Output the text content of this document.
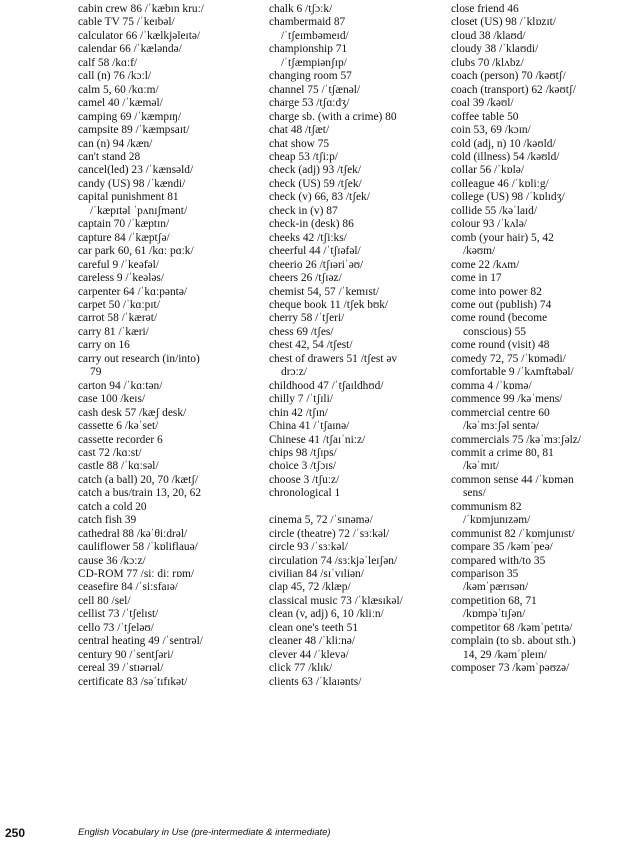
cabin crew 86 /ˈkæbɪn kruː/
cable TV 75 /ˈkeɪbəl/
calculator 66 /ˈkælkjəleɪtə/
calendar 66 /ˈkæləndə/
calf 58 /kɑːf/
call (n) 76 /kɔːl/
calm 5, 60 /kɑːm/
camel 40 /ˈkæməl/
camping 69 /ˈkæmpɪŋ/
campsite 89 /ˈkæmpsaɪt/
can (n) 94 /kæn/
can't stand 28
cancel(led) 23 /ˈkænsəld/
candy (US) 98 /ˈkændi/
capital punishment 81
/ˈkæpɪtəl ˈpʌnɪʃmənt/
captain 70 /ˈkæptɪn/
capture 84 /ˈkæptʃə/
car park 60, 61 /kɑː pɑːk/
careful 9 /ˈkeəfəl/
careless 9 /ˈkeələs/
carpenter 64 /ˈkɑːpəntə/
carpet 50 /ˈkɑːpɪt/
carrot 58 /ˈkærət/
carry 81 /ˈkæri/
carry on 16
carry out research (in/into)
79
carton 94 /ˈkɑːtən/
case 100 /keɪs/
cash desk 57 /kæʃ desk/
cassette 6 /kəˈset/
cassette recorder 6
cast 72 /kɑːst/
castle 88 /ˈkɑːsəl/
catch (a ball) 20, 70 /kætʃ/
catch a bus/train 13, 20, 62
catch a cold 20
catch fish 39
cathedral 88 /kəˈθiːdrəl/
cauliflower 58 /ˈkɒliflauə/
cause 36 /kɔːz/
CD-ROM 77 /siː diː rɒm/
ceasefire 84 /ˈsiːsfaɪə/
cell 80 /sel/
cellist 73 /ˈtʃelɪst/
cello 73 /ˈtʃeləʊ/
central heating 49 /ˈsentrəl/
century 90 /ˈsentʃəri/
cereal 39 /ˈstɪərɪəl/
certificate 83 /səˈtɪfɪkət/
chalk 6 /tʃɔːk/
chambermaid 87
/ˈtʃeɪmbəmeɪd/
championship 71
/ˈtʃæmpiənʃɪp/
changing room 57
channel 75 /ˈtʃænəl/
charge 53 /tʃɑːdʒ/
charge sb. (with a crime) 80
chat 48 /tʃæt/
chat show 75
cheap 53 /tʃiːp/
check (adj) 93 /tʃek/
check (US) 59 /tʃek/
check (v) 66, 83 /tʃek/
check in (v) 87
check-in (desk) 86
cheeks 42 /tʃiːks/
cheerful 44 /ˈtʃɪəfəl/
cheerio 26 /tʃɪəriˈəʊ/
cheers 26 /tʃɪəz/
chemist 54, 57 /ˈkemɪst/
cheque book 11 /tʃek bʊk/
cherry 58 /ˈtʃeri/
chess 69 /tʃes/
chest 42, 54 /tʃest/
chest of drawers 51 /tʃest əv
drɔːz/
childhood 47 /ˈtʃaɪldhʊd/
chilly 7 /ˈtʃɪli/
chin 42 /tʃɪn/
China 41 /ˈtʃaɪnə/
Chinese 41 /tʃaɪˈniːz/
chips 98 /tʃɪps/
choice 3 /tʃɔɪs/
choose 3 /tʃuːz/
chronological 1
cinema 5, 72 /ˈsɪnəmə/
circle (theatre) 72 /ˈsɜːkəl/
circle 93 /ˈsɜːkəl/
circulation 74 /sɜːkjəˈleɪʃən/
civilian 84 /sɪˈvɪliən/
clap 45, 72 /klæp/
classical music 73 /ˈklæsɪkəl/
clean (v, adj) 6, 10 /kliːn/
clean one's teeth 51
cleaner 48 /ˈkliːnə/
clever 44 /ˈklevə/
click 77 /klɪk/
clients 63 /ˈklaɪənts/
close friend 46
closet (US) 98 /ˈklɒzɪt/
cloud 38 /klaʊd/
cloudy 38 /ˈklaʊdi/
clubs 70 /klʌbz/
coach (person) 70 /kəʊtʃ/
coach (transport) 62 /kəʊtʃ/
coal 39 /kəʊl/
coffee table 50
coin 53, 69 /kɔɪn/
cold (adj, n) 10 /kəʊld/
cold (illness) 54 /kəʊld/
collar 56 /ˈkɒlə/
colleague 46 /ˈkɒliːg/
college (US) 98 /ˈkɒlɪdʒ/
collide 55 /kəˈlaɪd/
colour 93 /ˈkʌlə/
comb (your hair) 5, 42
/kəʊm/
come 22 /kʌm/
come in 17
come into power 82
come out (publish) 74
come round (become
conscious) 55
come round (visit) 48
comedy 72, 75 /ˈkɒmədi/
comfortable 9 /ˈkʌmftəbəl/
comma 4 /ˈkɒmə/
commence 99 /kəˈmens/
commercial centre 60
/kəˈmɜːʃəl sentə/
commercials 75 /kəˈmɜːʃəlz/
commit a crime 80, 81
/kəˈmɪt/
common sense 44 /ˈkɒmən
sens/
communism 82
/ˈkɒmjunɪzəm/
communist 82 /ˈkɒmjunɪst/
compare 35 /kəmˈpeə/
compared with/to 35
comparison 35
/kəmˈpærɪsən/
competition 68, 71
/kɒmpəˈtɪʃən/
competitor 68 /kəmˈpetɪtə/
complain (to sb. about sth.)
14, 29 /kəmˈpleɪn/
composer 73 /kəmˈpəʊzə/
250	English Vocabulary in Use (pre-intermediate & intermediate)
